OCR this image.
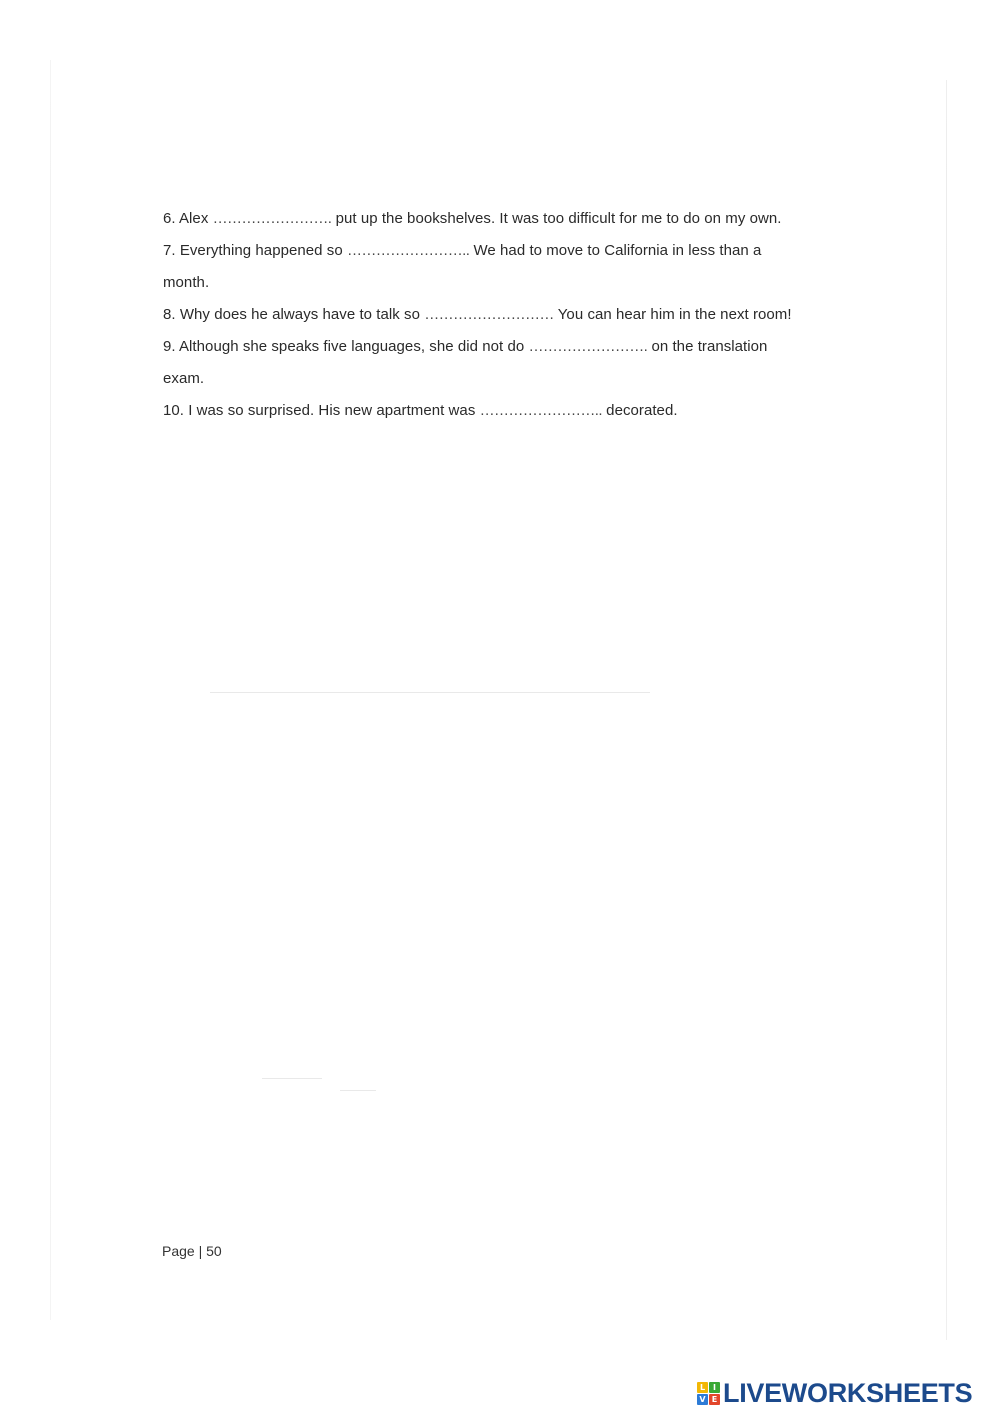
6. Alex ……………………. put up the bookshelves. It was too difficult for me to do on my own.
7. Everything happened so …………………….. We had to move to California in less than a
month.
8. Why does he always have to talk so ……………………… You can hear him in the next room!
9. Although she speaks five languages, she did not do ……………………. on the translation
exam.
10. I was so surprised. His new apartment was …………………….. decorated.
Page | 50
L I
V E LIVEWORKSHEETS
